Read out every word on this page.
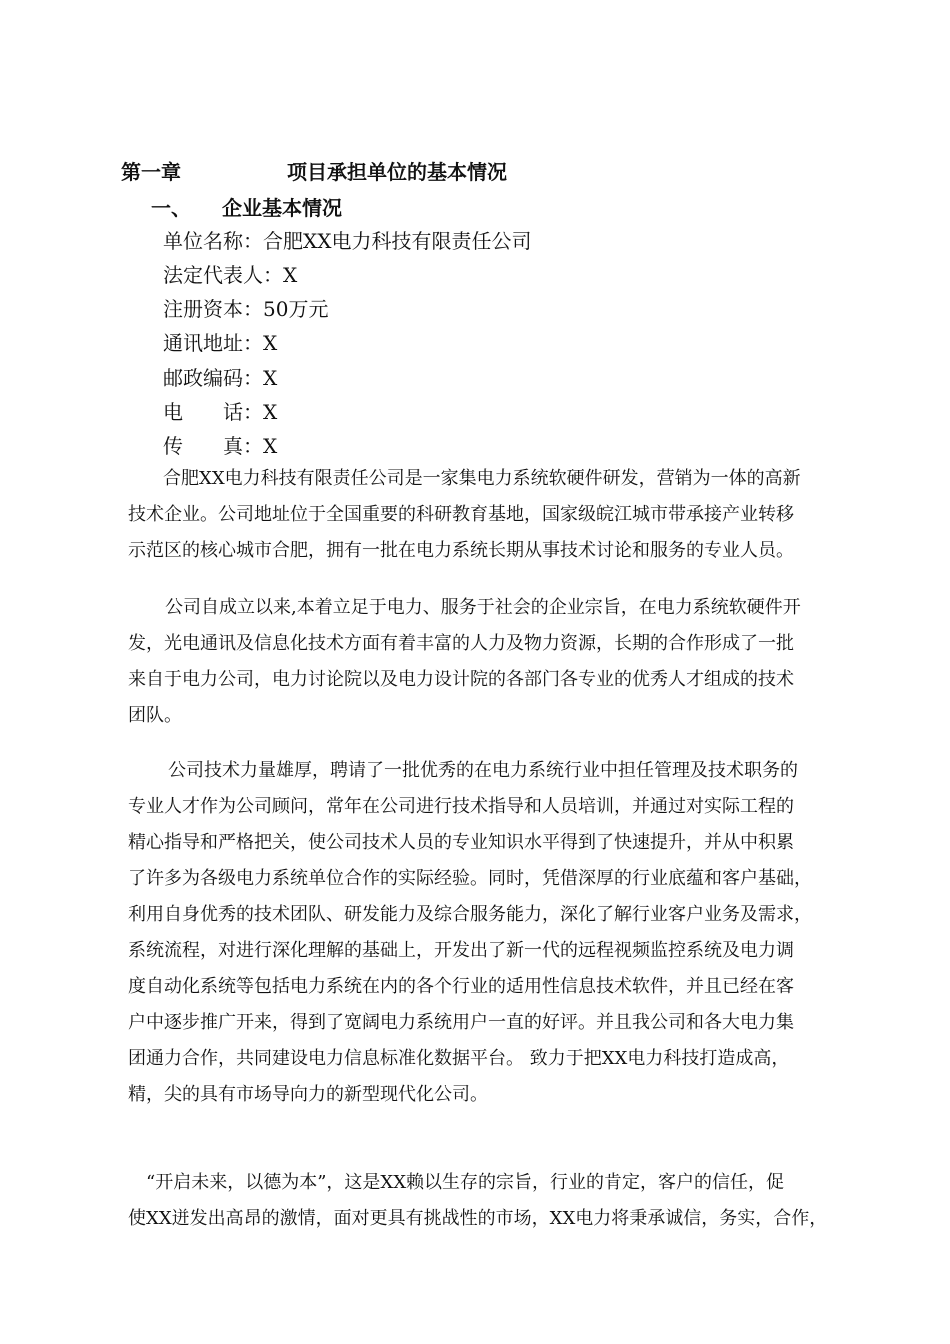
第一章	项目承担单位的基本情况
一、 企业基本情况
单位名称：合肥XX电力科技有限责任公司
法定代表人：X
注册资本：50万元
通讯地址：X
邮政编码：X
电　　话：X
传　　真：X
合肥XX电力科技有限责任公司是一家集电力系统软硬件研发，营销为一体的高新
技术企业。公司地址位于全国重要的科研教育基地，国家级皖江城市带承接产业转移
示范区的核心城市合肥，拥有一批在电力系统长期从事技术讨论和服务的专业人员。
公司自成立以来,本着立足于电力、服务于社会的企业宗旨，在电力系统软硬件开
发，光电通讯及信息化技术方面有着丰富的人力及物力资源，长期的合作形成了一批
来自于电力公司，电力讨论院以及电力设计院的各部门各专业的优秀人才组成的技术
团队。
公司技术力量雄厚，聘请了一批优秀的在电力系统行业中担任管理及技术职务的
专业人才作为公司顾问，常年在公司进行技术指导和人员培训，并通过对实际工程的
精心指导和严格把关，使公司技术人员的专业知识水平得到了快速提升，并从中积累
了许多为各级电力系统单位合作的实际经验。同时，凭借深厚的行业底蕴和客户基础，
利用自身优秀的技术团队、研发能力及综合服务能力，深化了解行业客户业务及需求，
系统流程，对进行深化理解的基础上，开发出了新一代的远程视频监控系统及电力调
度自动化系统等包括电力系统在内的各个行业的适用性信息技术软件，并且已经在客
户中逐步推广开来，得到了宽阔电力系统用户一直的好评。并且我公司和各大电力集
团通力合作，共同建设电力信息标准化数据平台。 致力于把XX电力科技打造成高，
精，尖的具有市场导向力的新型现代化公司。
“开启未来，以德为本”，这是XX赖以生存的宗旨，行业的肯定，客户的信任，促
使XX迸发出高昂的激情，面对更具有挑战性的市场，XX电力将秉承诚信，务实，合作，
